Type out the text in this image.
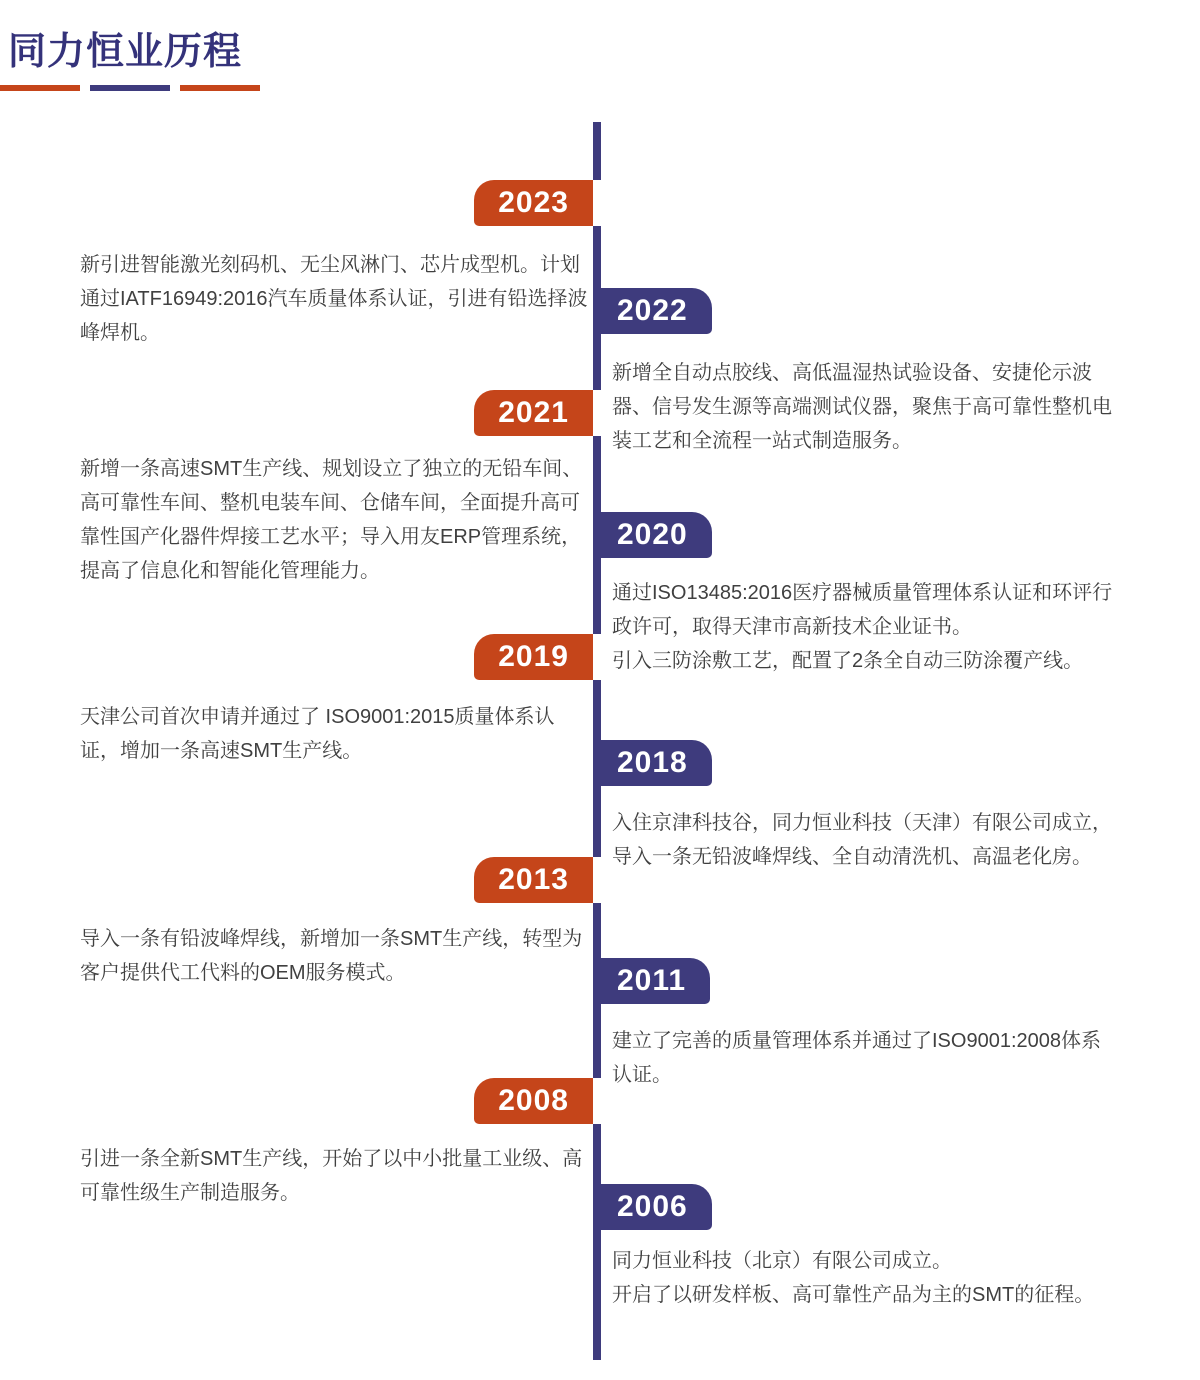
同力恒业历程
2023

新引进智能激光刻码机、无尘风淋门、芯片成型机。计划通过IATF16949:2016汽车质量体系认证，引进有铅选择波峰焊机。

2022

新增全自动点胶线、高低温湿热试验设备、安捷伦示波器、信号发生源等高端测试仪器，聚焦于高可靠性整机电装工艺和全流程一站式制造服务。

2021

新增一条高速SMT生产线、规划设立了独立的无铅车间、高可靠性车间、整机电装车间、仓储车间，全面提升高可靠性国产化器件焊接工艺水平；导入用友ERP管理系统，提高了信息化和智能化管理能力。

2020

通过ISO13485:2016医疗器械质量管理体系认证和环评行政许可，取得天津市高新技术企业证书。

引入三防涂敷工艺，配置了2条全自动三防涂覆产线。

2019

天津公司首次申请并通过了 ISO9001:2015质量体系认证，增加一条高速SMT生产线。	2018

入住京津科技谷，同力恒业科技（天津）有限公司成立，导入一条无铅波峰焊线、全自动清洗机、高温老化房。

2013

导入一条有铅波峰焊线，新增加一条SMT生产线，转型为客户提供代工代料的OEM服务模式。	2011

建立了完善的质量管理体系并通过了ISO9001:2008体系认证。

2008

引进一条全新SMT生产线，开始了以中小批量工业级、高可靠性级生产制造服务。	2006

同力恒业科技（北京）有限公司成立。

开启了以研发样板、高可靠性产品为主的SMT的征程。
